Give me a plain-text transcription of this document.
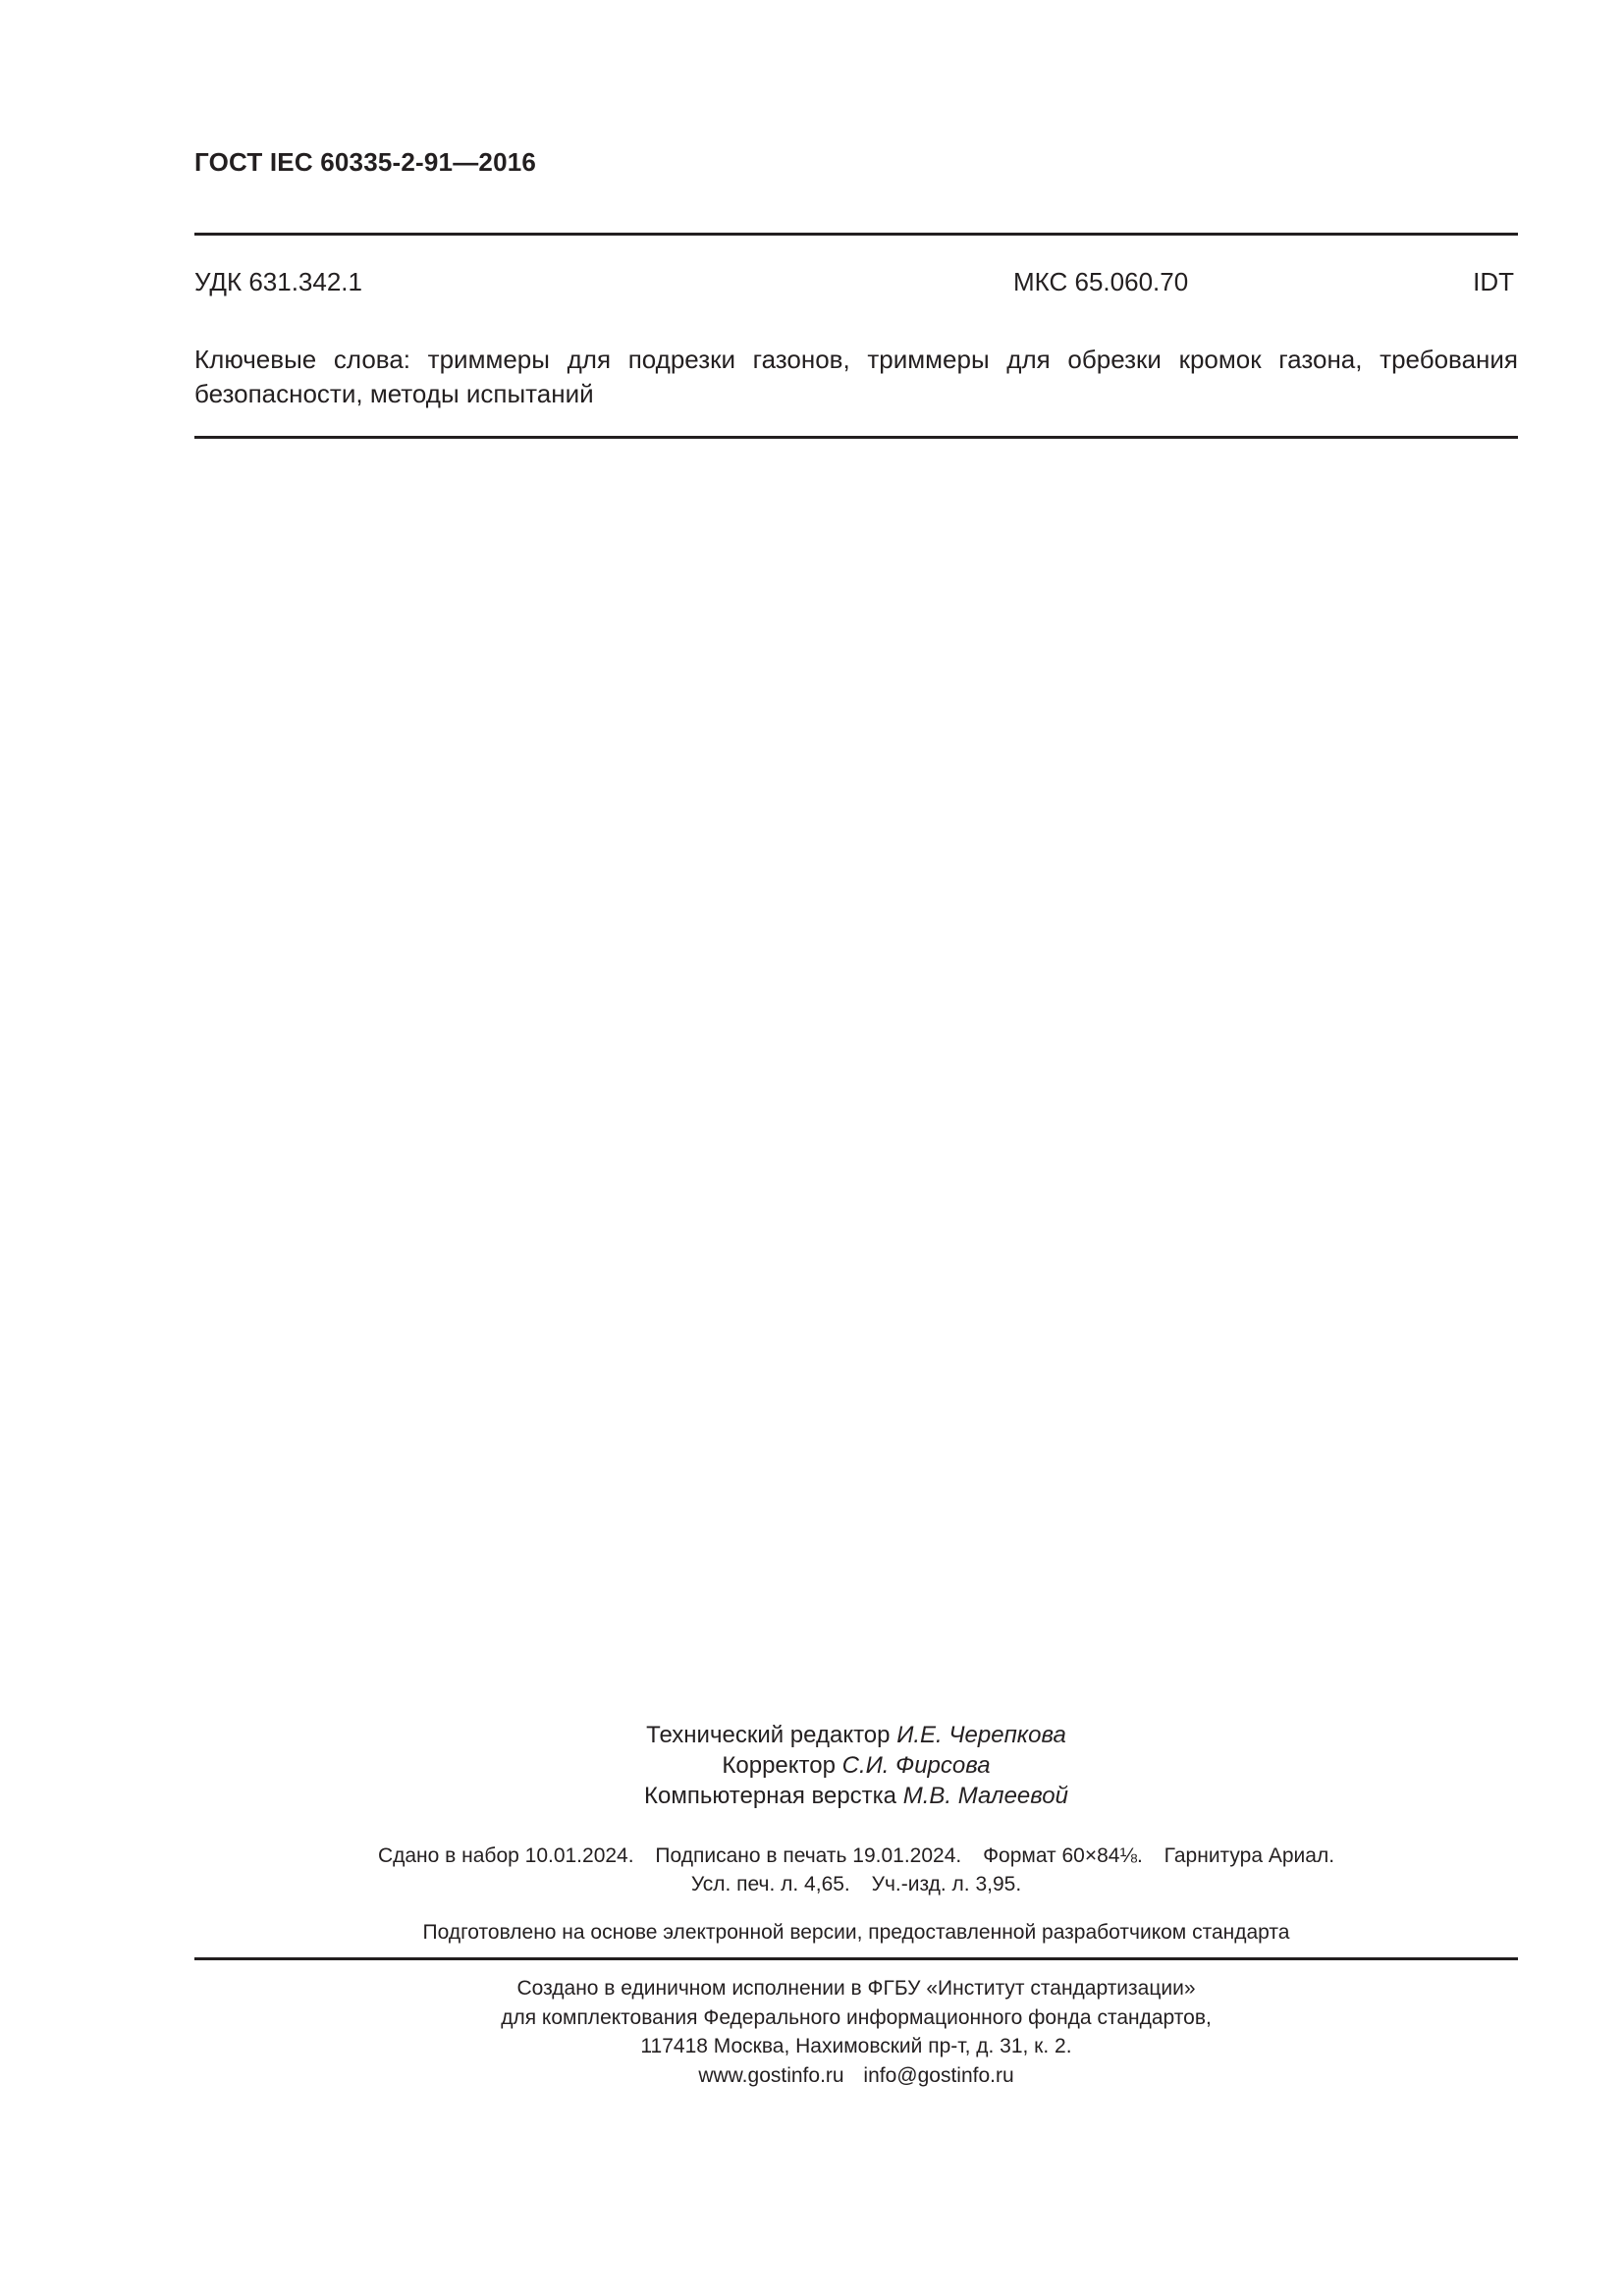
ГОСТ IEC 60335-2-91—2016
УДК 631.342.1	МКС 65.060.70	IDT
Ключевые слова: триммеры для подрезки газонов, триммеры для обрезки кромок газона, требования безопасности, методы испытаний
Технический редактор И.Е. Черепкова
Корректор С.И. Фирсова
Компьютерная верстка М.В. Малеевой
Сдано в набор 10.01.2024. Подписано в печать 19.01.2024. Формат 60×84⅛. Гарнитура Ариал.
Усл. печ. л. 4,65. Уч.-изд. л. 3,95.
Подготовлено на основе электронной версии, предоставленной разработчиком стандарта
Создано в единичном исполнении в ФГБУ «Институт стандартизации»
для комплектования Федерального информационного фонда стандартов,
117418 Москва, Нахимовский пр-т, д. 31, к. 2.
www.gostinfo.ru info@gostinfo.ru
